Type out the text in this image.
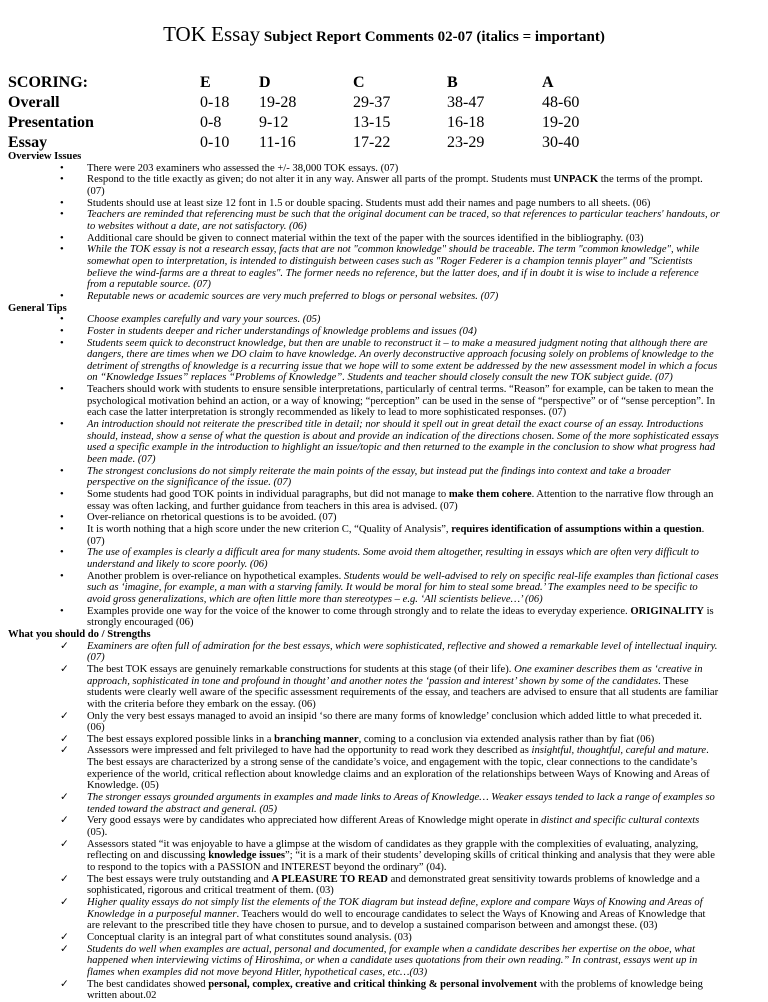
TOK Essay Subject Report Comments 02-07 (italics = important)
SCORING:
Overall
Presentation
Essay
E
0-18
0-8
0-10
D
19-28
9-12
11-16
C
29-37
13-15
17-22
B
38-47
16-18
23-29
A
48-60
19-20
30-40
Overview Issues
• There were 203 examiners who assessed the +/- 38,000 TOK essays. (07)
• Respond to the title exactly as given; do not alter it in any way. Answer all parts of the prompt. Students must UNPACK the terms of the prompt. (07)
• Students should use at least size 12 font in 1.5 or double spacing. Students must add their names and page numbers to all sheets. (06)
• Teachers are reminded that referencing must be such that the original document can be traced, so that references to particular teachers' handouts, or to websites without a date, are not satisfactory. (06)
• Additional care should be given to connect material within the text of the paper with the sources identified in the bibliography. (03)
• While the TOK essay is not a research essay, facts that are not "common knowledge" should be traceable. The term "common knowledge", while somewhat open to interpretation, is intended to distinguish between cases such as "Roger Federer is a champion tennis player" and "Scientists believe the wind-farms are a threat to eagles". The former needs no reference, but the latter does, and if in doubt it is wise to include a reference from a reputable source. (07)
• Reputable news or academic sources are very much preferred to blogs or personal websites. (07)
General Tips
• Choose examples carefully and vary your sources. (05)
• Foster in students deeper and richer understandings of knowledge problems and issues (04)
• Students seem quick to deconstruct knowledge, but then are unable to reconstruct it – to make a measured judgment noting that although there are dangers, there are times when we DO claim to have knowledge. An overly deconstructive approach focusing solely on problems of knowledge to the detriment of strengths of knowledge is a recurring issue that we hope will to some extent be addressed by the new assessment model in which a focus on “Knowledge Issues” replaces “Problems of Knowledge”. Students and teacher should closely consult the new TOK subject guide. (07)
• Teachers should work with students to ensure sensible interpretations, particularly of central terms. “Reason” for example, can be taken to mean the psychological motivation behind an action, or a way of knowing; “perception” can be used in the sense of “perspective” or of “sense perception”. In each case the latter interpretation is strongly recommended as likely to lead to more sophisticated responses. (07)
• An introduction should not reiterate the prescribed title in detail; nor should it spell out in great detail the exact course of an essay. Introductions should, instead, show a sense of what the question is about and provide an indication of the directions chosen. Some of the more sophisticated essays used a specific example in the introduction to highlight an issue/topic and then returned to the example in the conclusion to show what progress had been made. (07)
• The strongest conclusions do not simply reiterate the main points of the essay, but instead put the findings into context and take a broader perspective on the significance of the issue. (07)
• Some students had good TOK points in individual paragraphs, but did not manage to make them cohere. Attention to the narrative flow through an essay was often lacking, and further guidance from teachers in this area is advised. (07)
• Over-reliance on rhetorical questions is to be avoided. (07)
• It is worth nothing that a high score under the new criterion C, “Quality of Analysis”, requires identification of assumptions within a question. (07)
• The use of examples is clearly a difficult area for many students. Some avoid them altogether, resulting in essays which are often very difficult to understand and likely to score poorly. (06)
• Another problem is over-reliance on hypothetical examples. Students would be well-advised to rely on specific real-life examples than fictional cases such as ‘imagine, for example, a man with a starving family. It would be moral for him to steal some bread.’ The examples need to be specific to avoid gross generalizations, which are often little more than stereotypes – e.g. ‘All scientists believe…’ (06)
• Examples provide one way for the voice of the knower to come through strongly and to relate the ideas to everyday experience. ORIGINALITY is strongly encouraged (06)
What you should do / Strengths
✓ Examiners are often full of admiration for the best essays, which were sophisticated, reflective and showed a remarkable level of intellectual inquiry. (07)
✓ The best TOK essays are genuinely remarkable constructions for students at this stage (of their life). One examiner describes them as ‘creative in approach, sophisticated in tone and profound in thought’ and another notes the ‘passion and interest’ shown by some of the candidates. These students were clearly well aware of the specific assessment requirements of the essay, and teachers are advised to ensure that all students are familiar with the criteria before they embark on the essay. (06)
✓ Only the very best essays managed to avoid an insipid ‘so there are many forms of knowledge’ conclusion which added little to what preceded it. (06)
✓ The best essays explored possible links in a branching manner, coming to a conclusion via extended analysis rather than by fiat (06)
✓ Assessors were impressed and felt privileged to have had the opportunity to read work they described as insightful, thoughtful, careful and mature. The best essays are characterized by a strong sense of the candidate’s voice, and engagement with the topic, clear connections to the candidate’s experience of the world, critical reflection about knowledge claims and an exploration of the relationships between Ways of Knowing and Areas of Knowledge. (05)
✓ The stronger essays grounded arguments in examples and made links to Areas of Knowledge… Weaker essays tended to lack a range of examples so tended toward the abstract and general. (05)
✓ Very good essays were by candidates who appreciated how different Areas of Knowledge might operate in distinct and specific cultural contexts (05).
✓ Assessors stated “it was enjoyable to have a glimpse at the wisdom of candidates as they grapple with the complexities of evaluating, analyzing, reflecting on and discussing knowledge issues”; “it is a mark of their students’ developing skills of critical thinking and analysis that they were able to respond to the topics with a PASSION and INTEREST beyond the ordinary” (04).
✓ The best essays were truly outstanding and A PLEASURE TO READ and demonstrated great sensitivity towards problems of knowledge and a sophisticated, rigorous and critical treatment of them. (03)
✓ Higher quality essays do not simply list the elements of the TOK diagram but instead define, explore and compare Ways of Knowing and Areas of Knowledge in a purposeful manner. Teachers would do well to encourage candidates to select the Ways of Knowing and Areas of Knowledge that are relevant to the prescribed title they have chosen to pursue, and to develop a sustained comparison between and amongst these. (03)
✓ Conceptual clarity is an integral part of what constitutes sound analysis. (03)
✓ Students do well when examples are actual, personal and documented, for example when a candidate describes her expertise on the oboe, what happened when interviewing victims of Hiroshima, or when a candidate uses quotations from their own reading.” In contrast, essays went up in flames when examples did not move beyond Hitler, hypothetical cases, etc…(03)
✓ The best candidates showed personal, complex, creative and critical thinking & personal involvement with the problems of knowledge being written about.02
